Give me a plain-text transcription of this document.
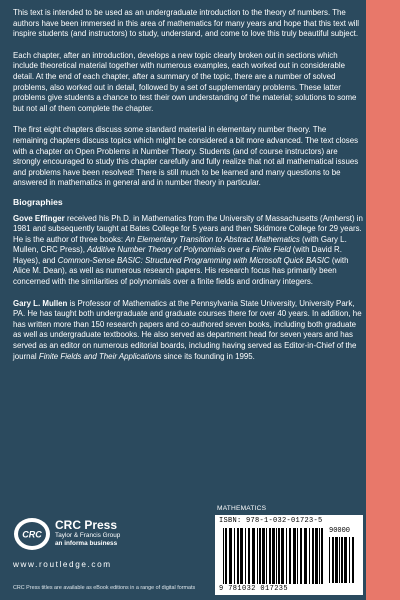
This text is intended to be used as an undergraduate introduction to the theory of numbers. The authors have been immersed in this area of mathematics for many years and hope that this text will inspire students (and instructors) to study, understand, and come to love this truly beautiful subject.

Each chapter, after an introduction, develops a new topic clearly broken out in sections which include theoretical material together with numerous examples, each worked out in considerable detail. At the end of each chapter, after a summary of the topic, there are a number of solved problems, also worked out in detail, followed by a set of supplementary problems. These latter problems give students a chance to test their own understanding of the material; solutions to some but not all of them complete the chapter.

The first eight chapters discuss some standard material in elementary number theory. The remaining chapters discuss topics which might be considered a bit more advanced. The text closes with a chapter on Open Problems in Number Theory. Students (and of course instructors) are strongly encouraged to study this chapter carefully and fully realize that not all mathematical issues and problems have been resolved! There is still much to be learned and many questions to be answered in mathematics in general and in number theory in particular.

Biographies

Gove Effinger received his Ph.D. in Mathematics from the University of Massachusetts (Amherst) in 1981 and subsequently taught at Bates College for 5 years and then Skidmore College for 29 years. He is the author of three books: An Elementary Transition to Abstract Mathematics (with Gary L. Mullen, CRC Press), Additive Number Theory of Polynomials over a Finite Field (with David R. Hayes), and Common-Sense BASIC: Structured Programming with Microsoft Quick BASIC (with Alice M. Dean), as well as numerous research papers. His research focus has primarily been concerned with the similarities of polynomials over a finite fields and ordinary integers.

Gary L. Mullen is Professor of Mathematics at the Pennsylvania State University, University Park, PA. He has taught both undergraduate and graduate courses there for over 40 years. In addition, he has written more than 150 research papers and co-authored seven books, including both graduate as well as undergraduate textbooks. He also served as department head for seven years and has served as an editor on numerous editorial boards, including having served as Editor-in-Chief of the journal Finite Fields and Their Applications since its founding in 1995.

MATHEMATICS
CRC
CRC Press
Taylor & Francis Group
an informa business
www.routledge.com
CRC Press titles are available as eBook editions in a range of digital formats
ISBN: 978-1-032-01723-5
90000
9 781032 017235
